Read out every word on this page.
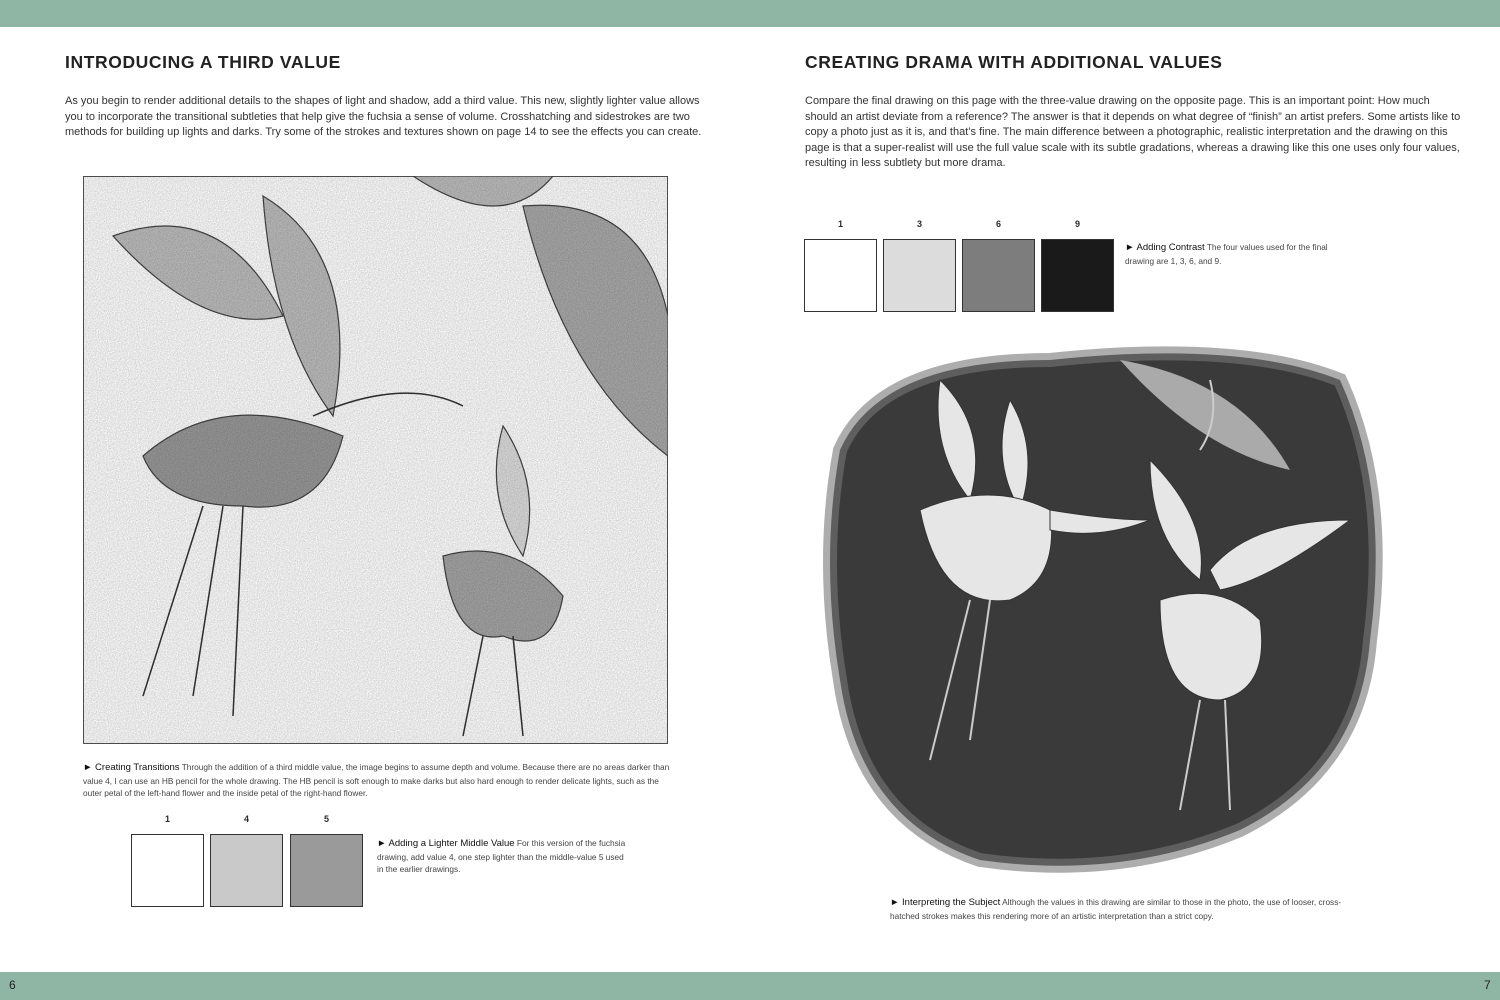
INTRODUCING A THIRD VALUE

As you begin to render additional details to the shapes of light and shadow, add a third value. This new, slightly lighter value allows you to incorporate the transitional subtleties that help give the fuchsia a sense of volume. Crosshatching and sidestrokes are two methods for building up lights and darks. Try some of the strokes and textures shown on page 14 to see the effects you can create.

► Creating Transitions Through the addition of a third middle value, the image begins to assume depth and volume. Because there are no areas darker than value 4, I can use an HB pencil for the whole drawing. The HB pencil is soft enough to make darks but also hard enough to render delicate lights, such as the outer petal of the left-hand flower and the inside petal of the right-hand flower.

1	4	5

► Adding a Lighter Middle Value For this version of the fuchsia drawing, add value 4, one step lighter than the middle-value 5 used in the earlier drawings.

CREATING DRAMA WITH ADDITIONAL VALUES

Compare the final drawing on this page with the three-value drawing on the opposite page. This is an important point: How much should an artist deviate from a reference? The answer is that it depends on what degree of “finish” an artist prefers. Some artists like to copy a photo just as it is, and that’s fine. The main difference between a photographic, realistic interpretation and the drawing on this page is that a super-realist will use the full value scale with its subtle gradations, whereas a drawing like this one uses only four values, resulting in less subtlety but more drama.

1	3	6	9

► Adding Contrast The four values used for the final drawing are 1, 3, 6, and 9.

► Interpreting the Subject Although the values in this drawing are similar to those in the photo, the use of looser, cross-hatched strokes makes this rendering more of an artistic interpretation than a strict copy.

6	7
